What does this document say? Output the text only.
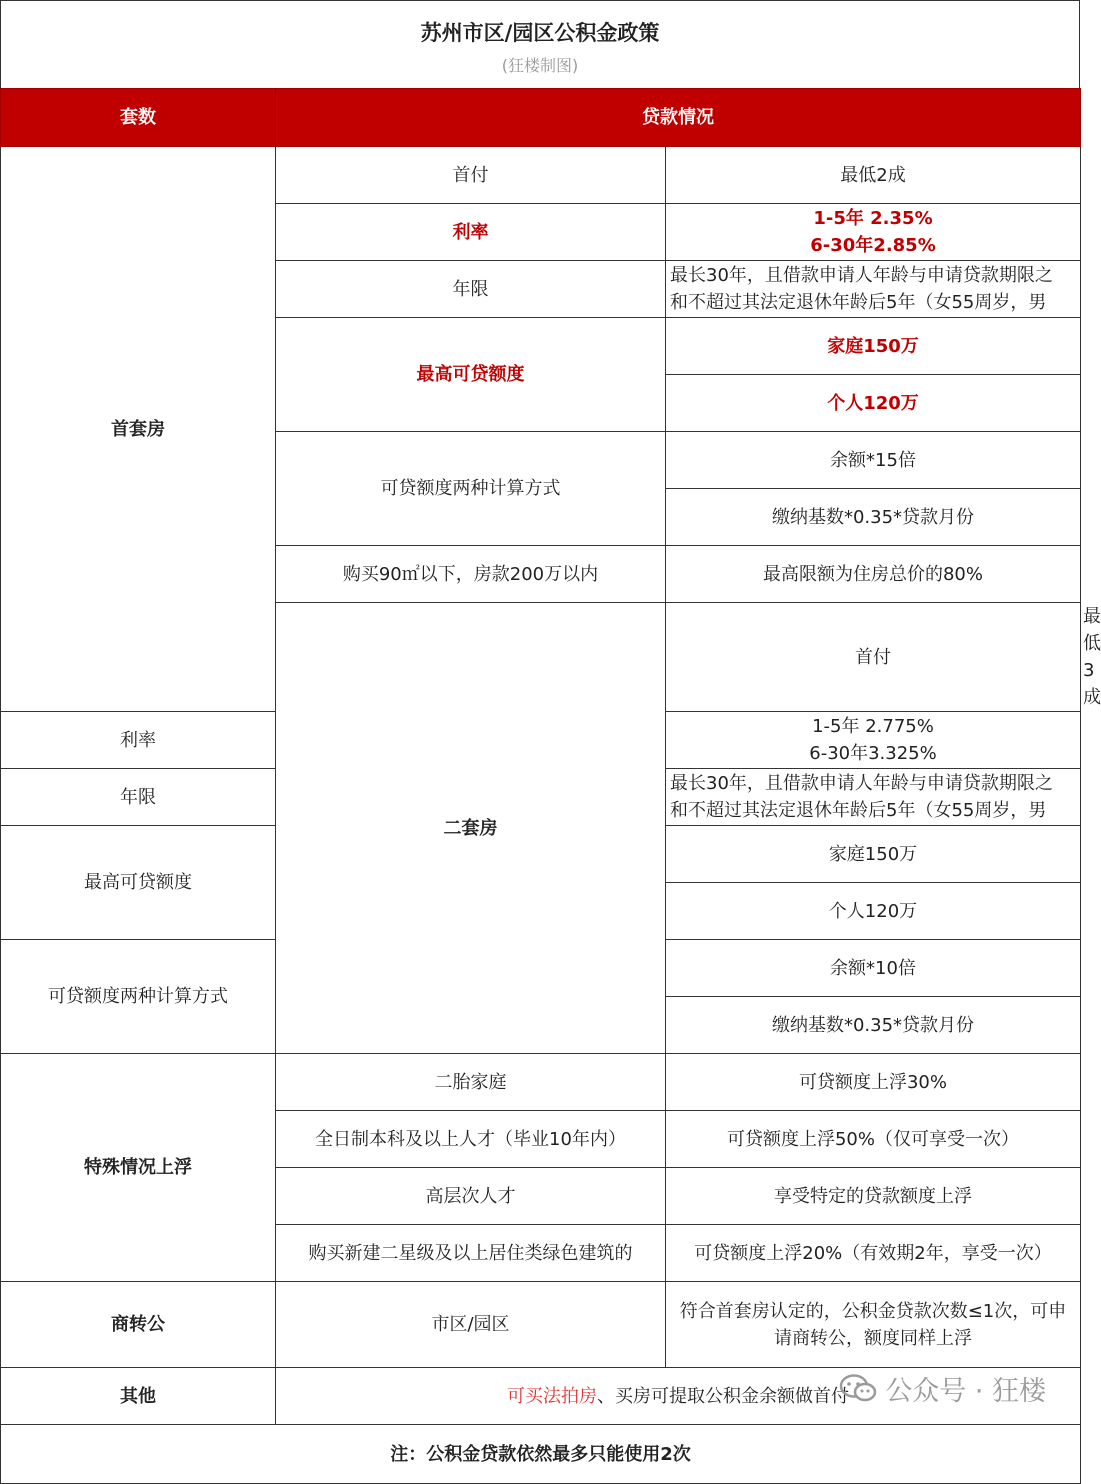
苏州市区/园区公积金政策
(狂楼制图)
套数	贷款情况		
首套房	首付	最低2成	
	利率	1-5年 2.35%
6-30年2.85%	

	年限	最长30年，且借款申请人年龄与申请贷款期限之
和不超过其法定退休年龄后5年（女55周岁，男	

	最高可贷额度	家庭150万	
		个人120万	
	可贷额度两种计算方式	余额*15倍	
		缴纳基数*0.35*贷款月份	
	购买90㎡以下，房款200万以内	最高限额为住房总价的80%	
	二套房	首付	最低3成
利率		1-5年 2.775%
6-30年3.325%	

年限		最长30年，且借款申请人年龄与申请贷款期限之
和不超过其法定退休年龄后5年（女55周岁，男	

最高可贷额度		家庭150万	
		个人120万	
可贷额度两种计算方式		余额*10倍	
		缴纳基数*0.35*贷款月份	
特殊情况上浮	二胎家庭	可贷额度上浮30%	
	全日制本科及以上人才（毕业10年内）	可贷额度上浮50%（仅可享受一次）	
	高层次人才	享受特定的贷款额度上浮	
	购买新建二星级及以上居住类绿色建筑的	可贷额度上浮20%（有效期2年，享受一次）	
商转公	市区/园区	符合首套房认定的，公积金贷款次数≤1次，可申
请商转公，额度同样上浮	

其他	可买法拍房、买房可提取公积金余额做首付		
注：公积金贷款依然最多只能使用2次			
公众号 · 狂楼
